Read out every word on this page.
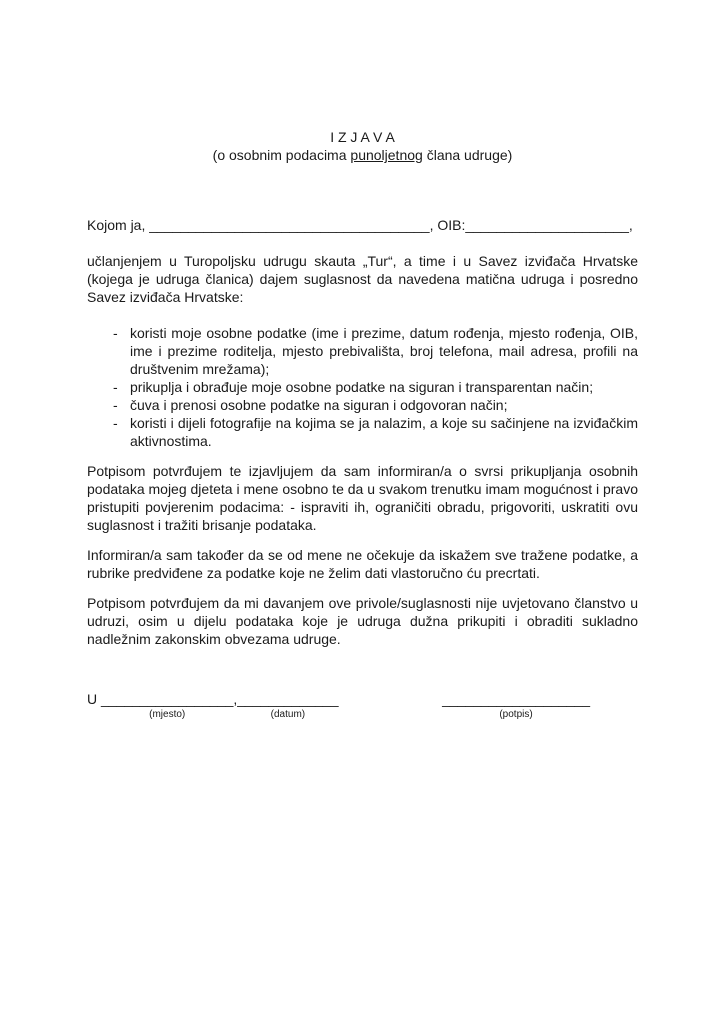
I Z J A V A
(o osobnim podacima punoljetnog člana udruge)
Kojom ja, ____________________________________, OIB:_____________________,
učlanjenjem u Turopoljsku udrugu skauta „Tur“, a time i u Savez izviđača Hrvatske (kojega je udruga članica) dajem suglasnost da navedena matična udruga i posredno Savez izviđača Hrvatske:
- koristi moje osobne podatke (ime i prezime, datum rođenja, mjesto rođenja, OIB, ime i prezime roditelja, mjesto prebivališta, broj telefona, mail adresa, profili na društvenim mrežama);
- prikuplja i obrađuje moje osobne podatke na siguran i transparentan način;
- čuva i prenosi osobne podatke na siguran i odgovoran način;
- koristi i dijeli fotografije na kojima se ja nalazim, a koje su sačinjene na izviđačkim aktivnostima.
Potpisom potvrđujem te izjavljujem da sam informiran/a o svrsi prikupljanja osobnih podataka mojeg djeteta i mene osobno te da u svakom trenutku imam mogućnost i pravo pristupiti povjerenim podacima: - ispraviti ih, ograničiti obradu, prigovoriti, uskratiti ovu suglasnost i tražiti brisanje podataka.
Informiran/a sam također da se od mene ne očekuje da iskažem sve tražene podatke, a rubrike predviđene za podatke koje ne želim dati vlastoručno ću precrtati.
Potpisom potvrđujem da mi davanjem ove privole/suglasnosti nije uvjetovano članstvo u udruzi, osim u dijelu podataka koje je udruga dužna prikupiti i obraditi sukladno nadležnim zakonskim obvezama udruge.
U _________________
(mjesto)
, _____________
(datum)
___________________
(potpis)
